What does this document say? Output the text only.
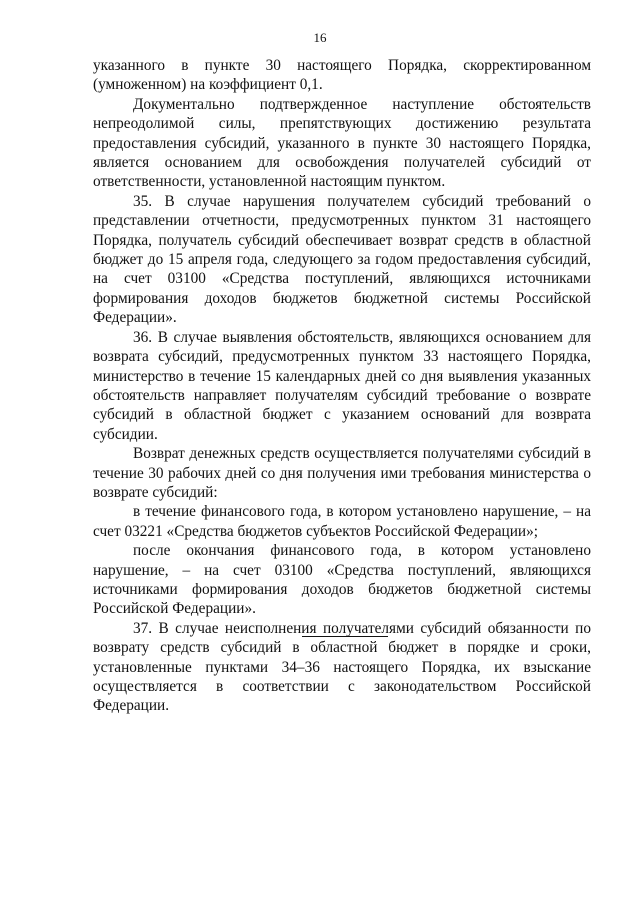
16

указанного в пункте 30 настоящего Порядка, скорректированном (умноженном) на коэффициент 0,1.

Документально подтвержденное наступление обстоятельств непреодолимой силы, препятствующих достижению результата предоставления субсидий, указанного в пункте 30 настоящего Порядка, является основанием для освобождения получателей субсидий от ответственности, установленной настоящим пунктом.

35. В случае нарушения получателем субсидий требований о представлении отчетности, предусмотренных пунктом 31 настоящего Порядка, получатель субсидий обеспечивает возврат средств в областной бюджет до 15 апреля года, следующего за годом предоставления субсидий, на счет 03100 «Средства поступлений, являющихся источниками формирования доходов бюджетов бюджетной системы Российской Федерации».

36. В случае выявления обстоятельств, являющихся основанием для возврата субсидий, предусмотренных пунктом 33 настоящего Порядка, министерство в течение 15 календарных дней со дня выявления указанных обстоятельств направляет получателям субсидий требование о возврате субсидий в областной бюджет с указанием оснований для возврата субсидии.

Возврат денежных средств осуществляется получателями субсидий в течение 30 рабочих дней со дня получения ими требования министерства о возврате субсидий:

в течение финансового года, в котором установлено нарушение, – на счет 03221 «Средства бюджетов субъектов Российской Федерации»;

после окончания финансового года, в котором установлено нарушение, – на счет 03100 «Средства поступлений, являющихся источниками формирования доходов бюджетов бюджетной системы Российской Федерации».

37. В случае неисполнения получателями субсидий обязанности по возврату средств субсидий в областной бюджет в порядке и сроки, установленные пунктами 34–36 настоящего Порядка, их взыскание осуществляется в соответствии с законодательством Российской Федерации.
